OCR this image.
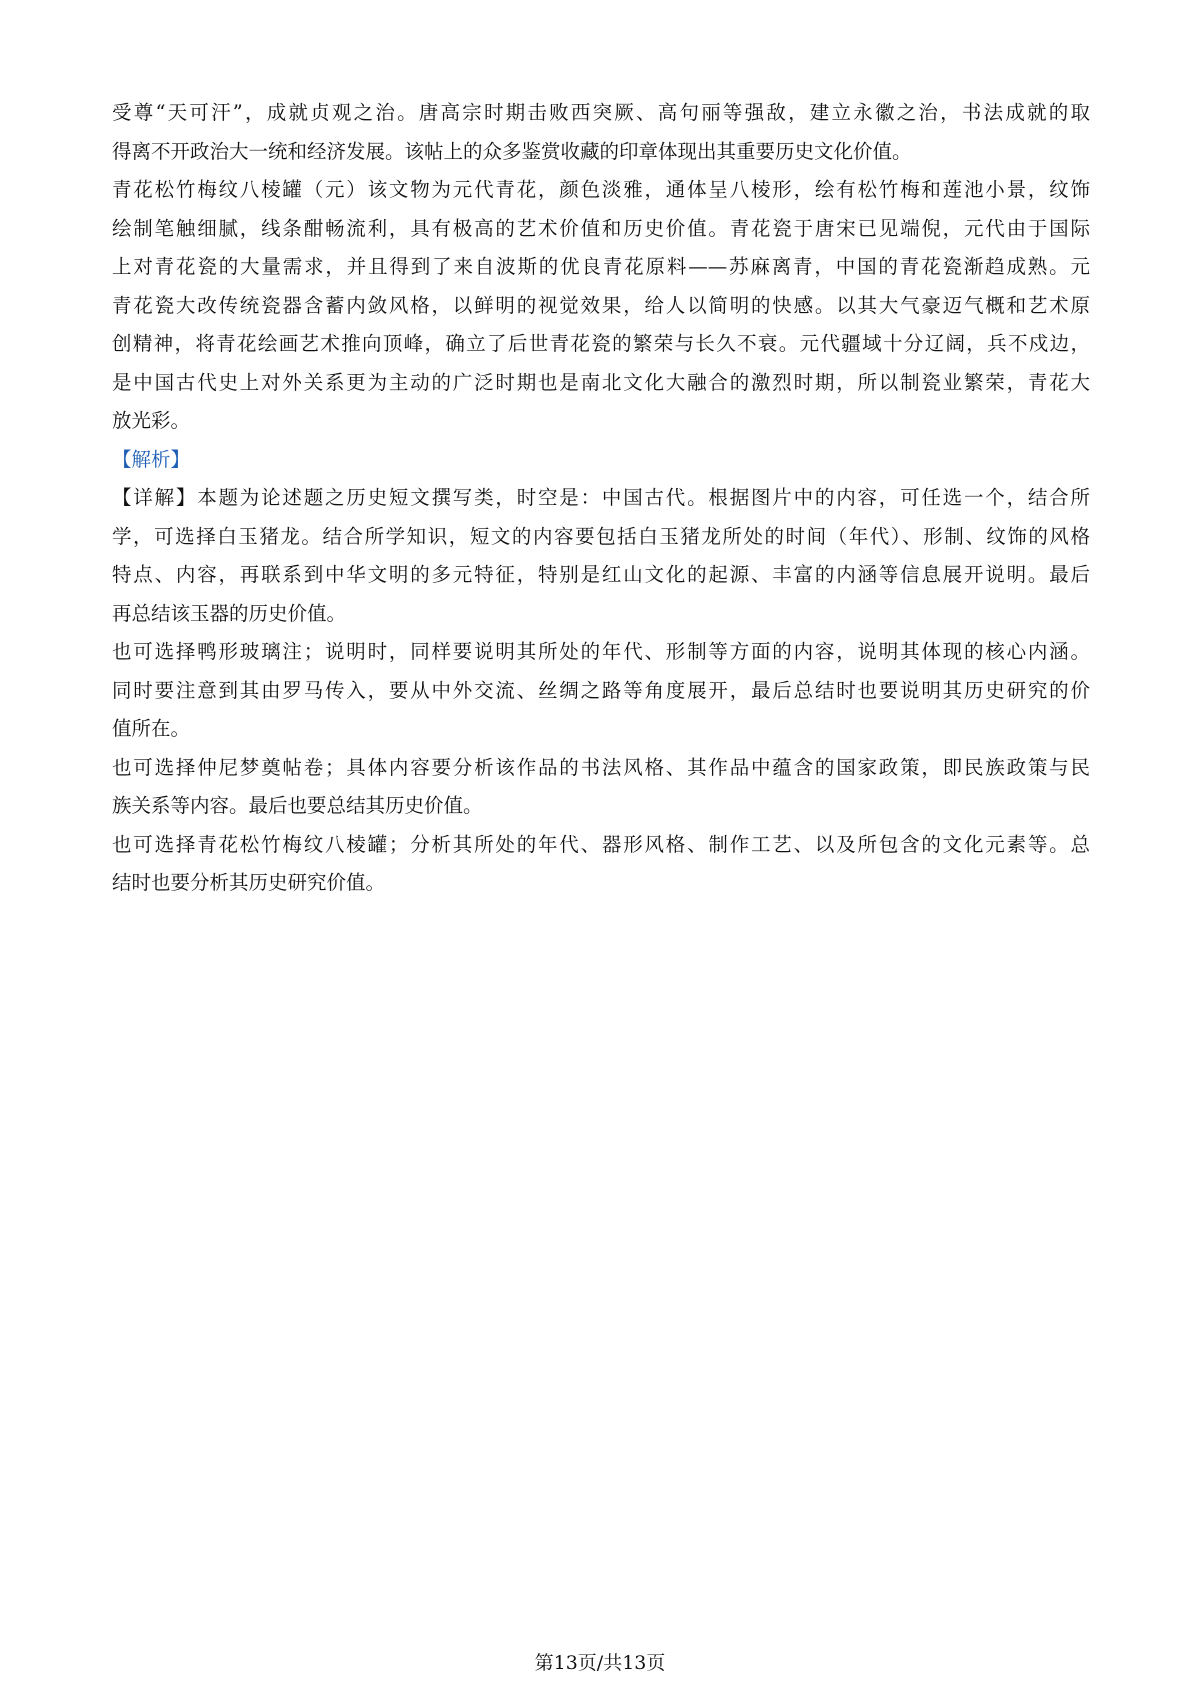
受尊“天可汗”，成就贞观之治。唐高宗时期击败西突厥、高句丽等强敌，建立永徽之治，书法成就的取
得离不开政治大一统和经济发展。该帖上的众多鉴赏收藏的印章体现出其重要历史文化价值。
青花松竹梅纹八棱罐（元）该文物为元代青花，颜色淡雅，通体呈八棱形，绘有松竹梅和莲池小景，纹饰
绘制笔触细腻，线条酣畅流利，具有极高的艺术价值和历史价值。青花瓷于唐宋已见端倪，元代由于国际
上对青花瓷的大量需求，并且得到了来自波斯的优良青花原料——苏麻离青，中国的青花瓷渐趋成熟。元
青花瓷大改传统瓷器含蓄内敛风格，以鲜明的视觉效果，给人以简明的快感。以其大气豪迈气概和艺术原
创精神，将青花绘画艺术推向顶峰，确立了后世青花瓷的繁荣与长久不衰。元代疆域十分辽阔，兵不戍边，
是中国古代史上对外关系更为主动的广泛时期也是南北文化大融合的激烈时期，所以制瓷业繁荣，青花大
放光彩。
【解析】
【详解】本题为论述题之历史短文撰写类，时空是：中国古代。根据图片中的内容，可任选一个，结合所
学，可选择白玉猪龙。结合所学知识，短文的内容要包括白玉猪龙所处的时间（年代）、形制、纹饰的风格
特点、内容，再联系到中华文明的多元特征，特别是红山文化的起源、丰富的内涵等信息展开说明。最后
再总结该玉器的历史价值。
也可选择鸭形玻璃注；说明时，同样要说明其所处的年代、形制等方面的内容，说明其体现的核心内涵。
同时要注意到其由罗马传入，要从中外交流、丝绸之路等角度展开，最后总结时也要说明其历史研究的价
值所在。
也可选择仲尼梦奠帖卷；具体内容要分析该作品的书法风格、其作品中蕴含的国家政策，即民族政策与民
族关系等内容。最后也要总结其历史价值。
也可选择青花松竹梅纹八棱罐；分析其所处的年代、器形风格、制作工艺、以及所包含的文化元素等。总
结时也要分析其历史研究价值。
第13页/共13页
